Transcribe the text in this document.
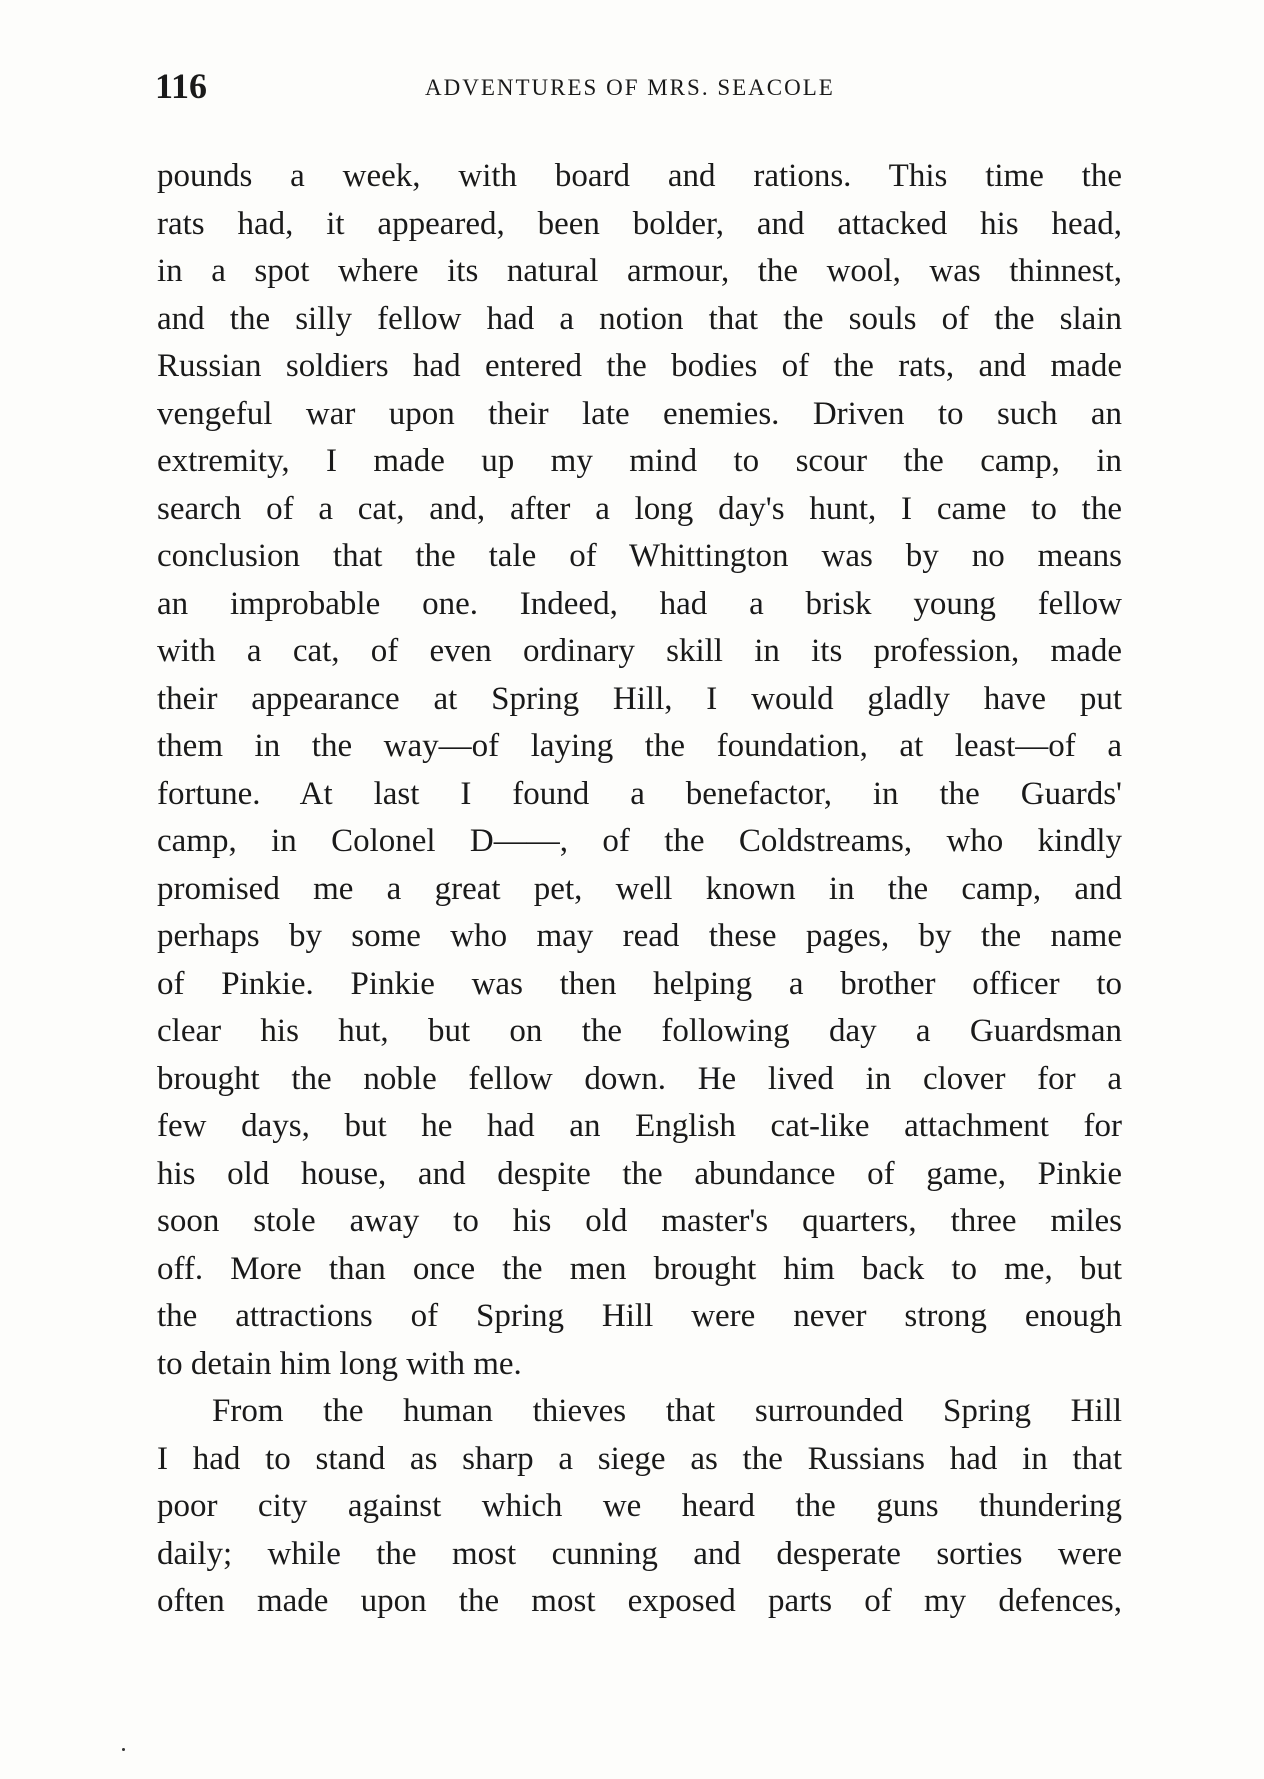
116	ADVENTURES OF MRS. SEACOLE
pounds a week, with board and rations. This time the
rats had, it appeared, been bolder, and attacked his head,
in a spot where its natural armour, the wool, was thinnest,
and the silly fellow had a notion that the souls of the slain
Russian soldiers had entered the bodies of the rats, and made
vengeful war upon their late enemies. Driven to such an
extremity, I made up my mind to scour the camp, in
search of a cat, and, after a long day's hunt, I came to the
conclusion that the tale of Whittington was by no means
an improbable one. Indeed, had a brisk young fellow
with a cat, of even ordinary skill in its profession, made
their appearance at Spring Hill, I would gladly have put
them in the way—of laying the foundation, at least—of a
fortune. At last I found a benefactor, in the Guards'
camp, in Colonel D——, of the Coldstreams, who kindly
promised me a great pet, well known in the camp, and
perhaps by some who may read these pages, by the name
of Pinkie. Pinkie was then helping a brother officer to
clear his hut, but on the following day a Guardsman
brought the noble fellow down. He lived in clover for a
few days, but he had an English cat-like attachment for
his old house, and despite the abundance of game, Pinkie
soon stole away to his old master's quarters, three miles
off. More than once the men brought him back to me, but
the attractions of Spring Hill were never strong enough
to detain him long with me.
From the human thieves that surrounded Spring Hill
I had to stand as sharp a siege as the Russians had in that
poor city against which we heard the guns thundering
daily; while the most cunning and desperate sorties were
often made upon the most exposed parts of my defences,
